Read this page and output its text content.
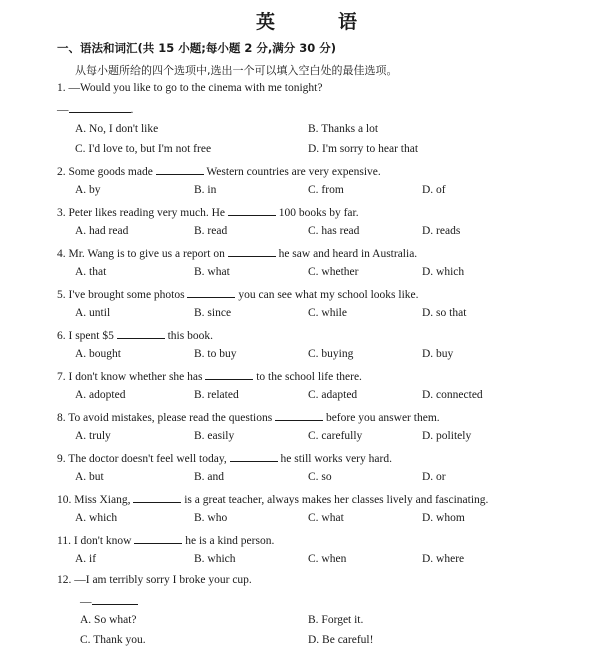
英　语
一、语法和词汇(共 15 小题;每小题 2 分,满分 30 分)
从每小题所给的四个选项中,选出一个可以填入空白处的最佳选项。
1. —Would you like to go to the cinema with me tonight?
—	.
A. No, I don't like	B. Thanks a lot
C. I'd love to, but I'm not free	D. I'm sorry to hear that
2. Some goods made	Western countries are very expensive.
A. by	B. in	C. from	D. of
3. Peter likes reading very much. He	100 books by far.
A. had read	B. read	C. has read	D. reads
4. Mr. Wang is to give us a report on	he saw and heard in Australia.
A. that	B. what	C. whether	D. which
5. I've brought some photos	you can see what my school looks like.
A. until	B. since	C. while	D. so that
6. I spent $5	this book.
A. bought	B. to buy	C. buying	D. buy
7. I don't know whether she has	to the school life there.
A. adopted	B. related	C. adapted	D. connected
8. To avoid mistakes, please read the questions	before you answer them.
A. truly	B. easily	C. carefully	D. politely
9. The doctor doesn't feel well today,	he still works very hard.
A. but	B. and	C. so	D. or
10. Miss Xiang,	is a great teacher, always makes her classes lively and fascinating.
A. which	B. who	C. what	D. whom
11. I don't know	he is a kind person.
A. if	B. which	C. when	D. where
12. —I am terribly sorry I broke your cup.
—
A. So what?	B. Forget it.
C. Thank you.	D. Be careful!
